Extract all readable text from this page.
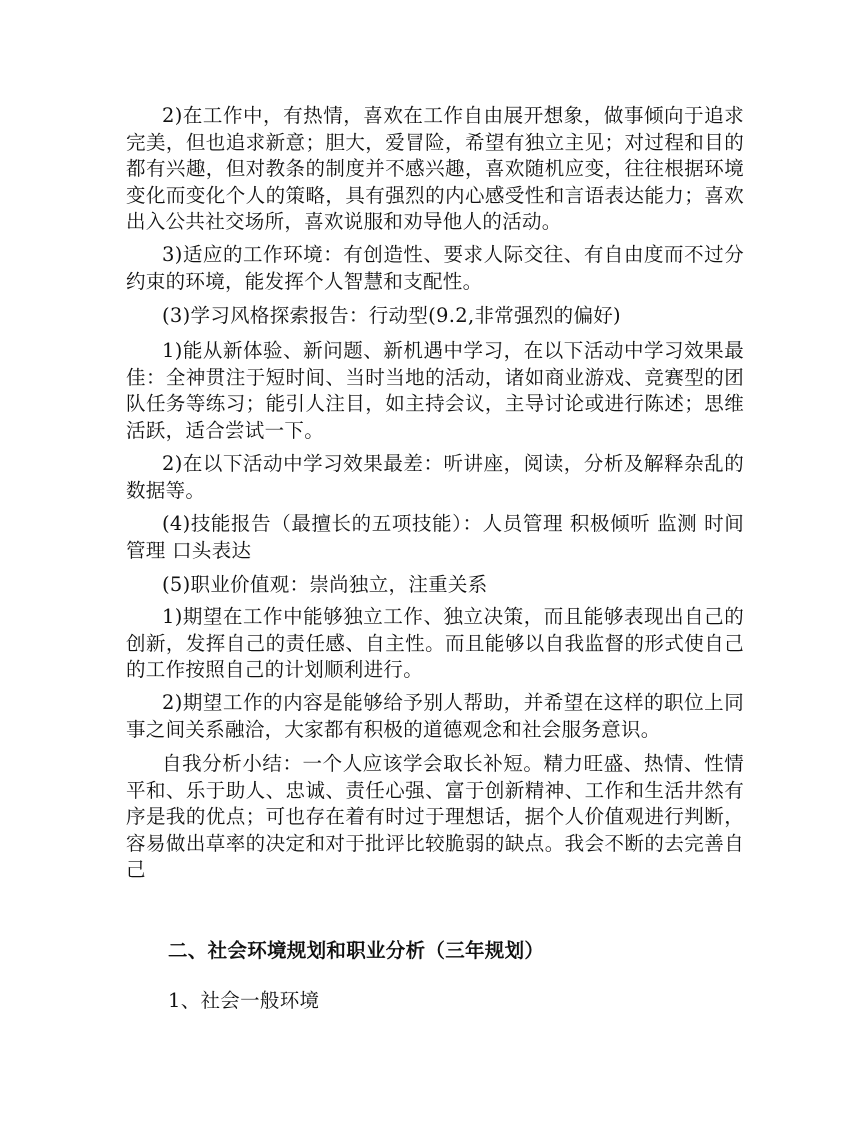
2)在工作中，有热情，喜欢在工作自由展开想象，做事倾向于追求完美，但也追求新意；胆大，爱冒险，希望有独立主见；对过程和目的都有兴趣，但对教条的制度并不感兴趣，喜欢随机应变，往往根据环境变化而变化个人的策略，具有强烈的内心感受性和言语表达能力；喜欢出入公共社交场所，喜欢说服和劝导他人的活动。

3)适应的工作环境：有创造性、要求人际交往、有自由度而不过分约束的环境，能发挥个人智慧和支配性。

(3)学习风格探索报告：行动型(9.2,非常强烈的偏好)

1)能从新体验、新问题、新机遇中学习，在以下活动中学习效果最佳：全神贯注于短时间、当时当地的活动，诸如商业游戏、竞赛型的团队任务等练习；能引人注目，如主持会议，主导讨论或进行陈述；思维活跃，适合尝试一下。

2)在以下活动中学习效果最差：听讲座，阅读，分析及解释杂乱的数据等。

(4)技能报告（最擅长的五项技能）：人员管理 积极倾听 监测 时间管理 口头表达

(5)职业价值观：崇尚独立，注重关系

1)期望在工作中能够独立工作、独立决策，而且能够表现出自己的创新，发挥自己的责任感、自主性。而且能够以自我监督的形式使自己的工作按照自己的计划顺利进行。

2)期望工作的内容是能够给予别人帮助，并希望在这样的职位上同事之间关系融洽，大家都有积极的道德观念和社会服务意识。

自我分析小结：一个人应该学会取长补短。精力旺盛、热情、性情平和、乐于助人、忠诚、责任心强、富于创新精神、工作和生活井然有序是我的优点；可也存在着有时过于理想话，据个人价值观进行判断，容易做出草率的决定和对于批评比较脆弱的缺点。我会不断的去完善自己

二、社会环境规划和职业分析（三年规划）

1、社会一般环境
